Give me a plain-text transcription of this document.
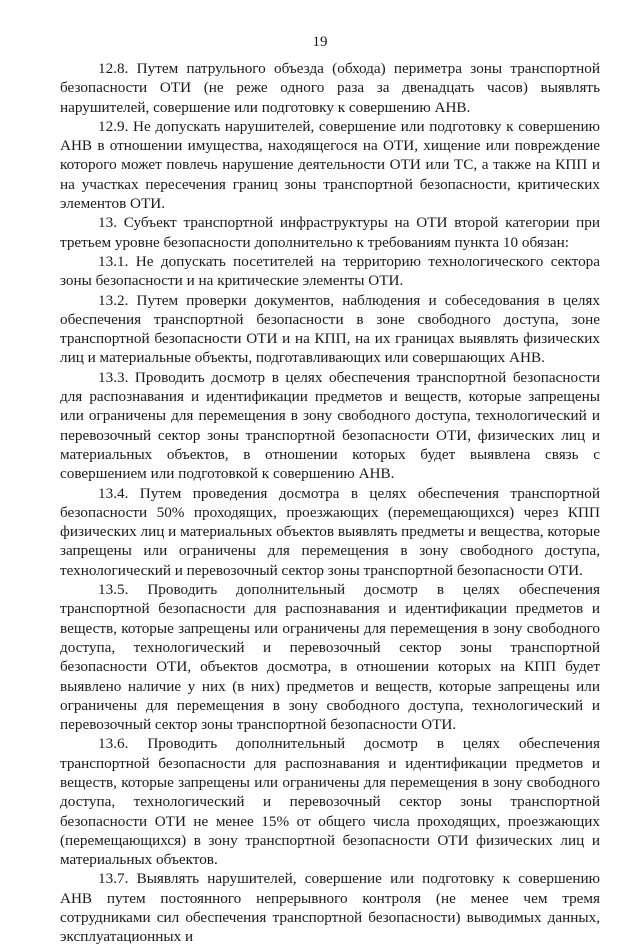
19

12.8. Путем патрульного объезда (обхода) периметра зоны транспортной безопасности ОТИ (не реже одного раза за двенадцать часов) выявлять нарушителей, совершение или подготовку к совершению АНВ.

12.9. Не допускать нарушителей, совершение или подготовку к совершению АНВ в отношении имущества, находящегося на ОТИ, хищение или повреждение которого может повлечь нарушение деятельности ОТИ или ТС, а также на КПП и на участках пересечения границ зоны транспортной безопасности, критических элементов ОТИ.

13. Субъект транспортной инфраструктуры на ОТИ второй категории при третьем уровне безопасности дополнительно к требованиям пункта 10 обязан:

13.1. Не допускать посетителей на территорию технологического сектора зоны безопасности и на критические элементы ОТИ.

13.2. Путем проверки документов, наблюдения и собеседования в целях обеспечения транспортной безопасности в зоне свободного доступа, зоне транспортной безопасности ОТИ и на КПП, на их границах выявлять физических лиц и материальные объекты, подготавливающих или совершающих АНВ.

13.3. Проводить досмотр в целях обеспечения транспортной безопасности для распознавания и идентификации предметов и веществ, которые запрещены или ограничены для перемещения в зону свободного доступа, технологический и перевозочный сектор зоны транспортной безопасности ОТИ, физических лиц и материальных объектов, в отношении которых будет выявлена связь с совершением или подготовкой к совершению АНВ.

13.4. Путем проведения досмотра в целях обеспечения транспортной безопасности 50% проходящих, проезжающих (перемещающихся) через КПП физических лиц и материальных объектов выявлять предметы и вещества, которые запрещены или ограничены для перемещения в зону свободного доступа, технологический и перевозочный сектор зоны транспортной безопасности ОТИ.

13.5. Проводить дополнительный досмотр в целях обеспечения транспортной безопасности для распознавания и идентификации предметов и веществ, которые запрещены или ограничены для перемещения в зону свободного доступа, технологический и перевозочный сектор зоны транспортной безопасности ОТИ, объектов досмотра, в отношении которых на КПП будет выявлено наличие у них (в них) предметов и веществ, которые запрещены или ограничены для перемещения в зону свободного доступа, технологический и перевозочный сектор зоны транспортной безопасности ОТИ.

13.6. Проводить дополнительный досмотр в целях обеспечения транспортной безопасности для распознавания и идентификации предметов и веществ, которые запрещены или ограничены для перемещения в зону свободного доступа, технологический и перевозочный сектор зоны транспортной безопасности ОТИ не менее 15% от общего числа проходящих, проезжающих (перемещающихся) в зону транспортной безопасности ОТИ физических лиц и материальных объектов.

13.7. Выявлять нарушителей, совершение или подготовку к совершению АНВ путем постоянного непрерывного контроля (не менее чем тремя сотрудниками сил обеспечения транспортной безопасности) выводимых данных, эксплуатационных и
